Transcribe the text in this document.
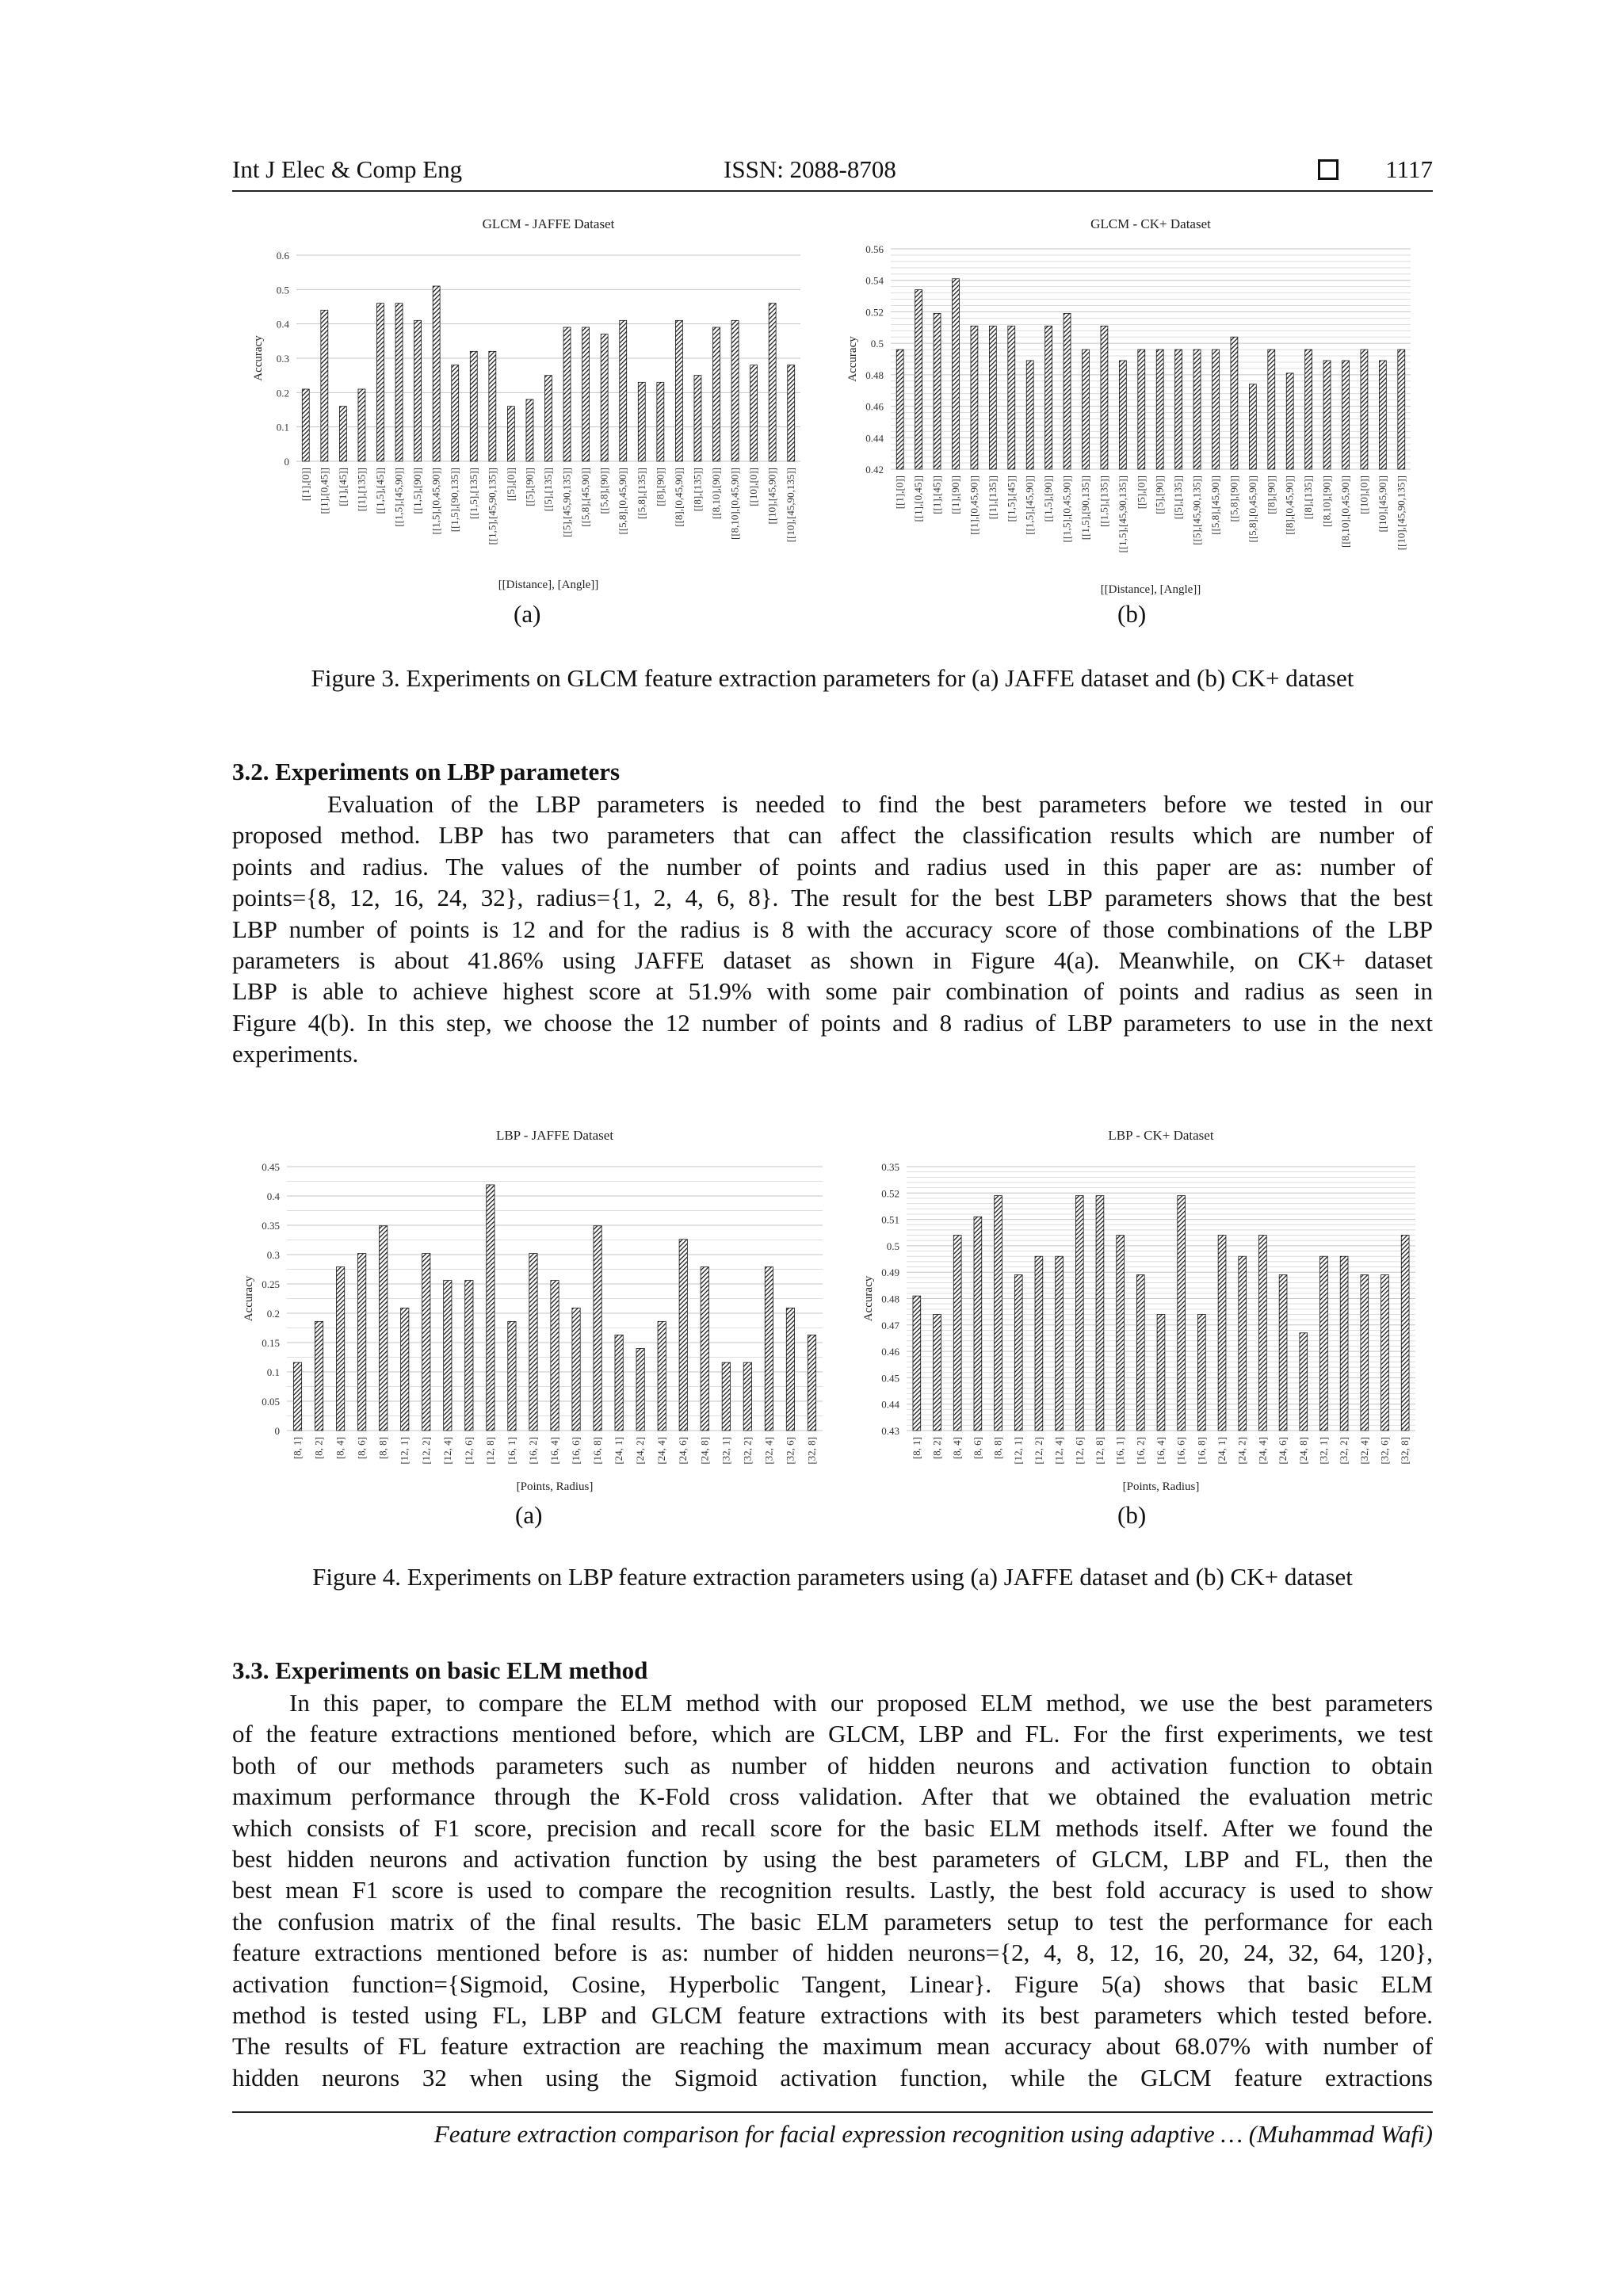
Int J Elec & Comp Eng	ISSN: 2088-8708	1117
GLCM - JAFFE Dataset
0
0.1
0.2
0.3
0.4
0.5
0.6
Accuracy
[[1],[0]] [[1],[0,45]] [[1],[45]] [[1],[135]] [[1,5],[45]] [[1,5],[45,90]] [[1,5],[90]] [[1,5],[0,45,90]] [[1,5],[90,135]] [[1,5],[135]] [[1,5],[45,90,135]] [[5],[0]] [[5],[90]] [[5],[135]] [[5],[45,90,135]] [[5,8],[45,90]] [[5,8],[90]] [[5,8],[0,45,90]] [[5,8],[135]] [[8],[90]] [[8],[0,45,90]] [[8],[135]] [[8,10],[90]] [[8,10],[0,45,90]] [[10],[0]] [[10],[45,90]] [[10],[45,90,135]]
[[Distance], [Angle]]
GLCM - CK+ Dataset
0.42
0.44
0.46
0.48
0.5
0.52
0.54
0.56
Accuracy
[[1],[0]] [[1],[0,45]] [[1],[45]] [[1],[90]] [[1],[0,45,90]] [[1],[135]] [[1,5],[45]] [[1,5],[45,90]] [[1,5],[90]] [[1,5],[0,45,90]] [[1,5],[90,135]] [[1,5],[135]] [[1,5],[45,90,135]] [[5],[0]] [[5],[90]] [[5],[135]] [[5],[45,90,135]] [[5,8],[45,90]] [[5,8],[90]] [[5,8],[0,45,90]] [[8],[90]] [[8],[0,45,90]] [[8],[135]] [[8,10],[90]] [[8,10],[0,45,90]] [[10],[0]] [[10],[45,90]] [[10],[45,90,135]]
[[Distance], [Angle]]
(a)	(b)
Figure 3. Experiments on GLCM feature extraction parameters for (a) JAFFE dataset and (b) CK+ dataset
3.2. Experiments on LBP parameters
Evaluation of the LBP parameters is needed to find the best parameters before we tested in our
proposed method. LBP has two parameters that can affect the classification results which are number of
points and radius. The values of the number of points and radius used in this paper are as: number of
points={8, 12, 16, 24, 32}, radius={1, 2, 4, 6, 8}. The result for the best LBP parameters shows that the best
LBP number of points is 12 and for the radius is 8 with the accuracy score of those combinations of the LBP
parameters is about 41.86% using JAFFE dataset as shown in Figure 4(a). Meanwhile, on CK+ dataset
LBP is able to achieve highest score at 51.9% with some pair combination of points and radius as seen in
Figure 4(b). In this step, we choose the 12 number of points and 8 radius of LBP parameters to use in the next
experiments.
LBP - JAFFE Dataset
0
0.05
0.1
0.15
0.2
0.25
0.3
0.35
0.4
0.45
Accuracy
[8, 1] [8, 2] [8, 4] [8, 6] [8, 8] [12, 1] [12, 2] [12, 4] [12, 6] [12, 8] [16, 1] [16, 2] [16, 4] [16, 6] [16, 8] [24, 1] [24, 2] [24, 4] [24, 6] [24, 8] [32, 1] [32, 2] [32, 4] [32, 6] [32, 8]
[Points, Radius]
LBP - CK+ Dataset
0.43
0.44
0.45
0.46
0.47
0.48
0.49
0.5
0.51
0.52
0.35
Accuracy
[8, 1] [8, 2] [8, 4] [8, 6] [8, 8] [12, 1] [12, 2] [12, 4] [12, 6] [12, 8] [16, 1] [16, 2] [16, 4] [16, 6] [16, 8] [24, 1] [24, 2] [24, 4] [24, 6] [24, 8] [32, 1] [32, 2] [32, 4] [32, 6] [32, 8]
[Points, Radius]
(a)	(b)
Figure 4. Experiments on LBP feature extraction parameters using (a) JAFFE dataset and (b) CK+ dataset
3.3. Experiments on basic ELM method
In this paper, to compare the ELM method with our proposed ELM method, we use the best parameters
of the feature extractions mentioned before, which are GLCM, LBP and FL. For the first experiments, we test
both of our methods parameters such as number of hidden neurons and activation function to obtain
maximum performance through the K-Fold cross validation. After that we obtained the evaluation metric
which consists of F1 score, precision and recall score for the basic ELM methods itself. After we found the
best hidden neurons and activation function by using the best parameters of GLCM, LBP and FL, then the
best mean F1 score is used to compare the recognition results. Lastly, the best fold accuracy is used to show
the confusion matrix of the final results. The basic ELM parameters setup to test the performance for each
feature extractions mentioned before is as: number of hidden neurons={2, 4, 8, 12, 16, 20, 24, 32, 64, 120},
activation function={Sigmoid, Cosine, Hyperbolic Tangent, Linear}. Figure 5(a) shows that basic ELM
method is tested using FL, LBP and GLCM feature extractions with its best parameters which tested before.
The results of FL feature extraction are reaching the maximum mean accuracy about 68.07% with number of
hidden neurons 32 when using the Sigmoid activation function, while the GLCM feature extractions
Feature extraction comparison for facial expression recognition using adaptive … (Muhammad Wafi)
